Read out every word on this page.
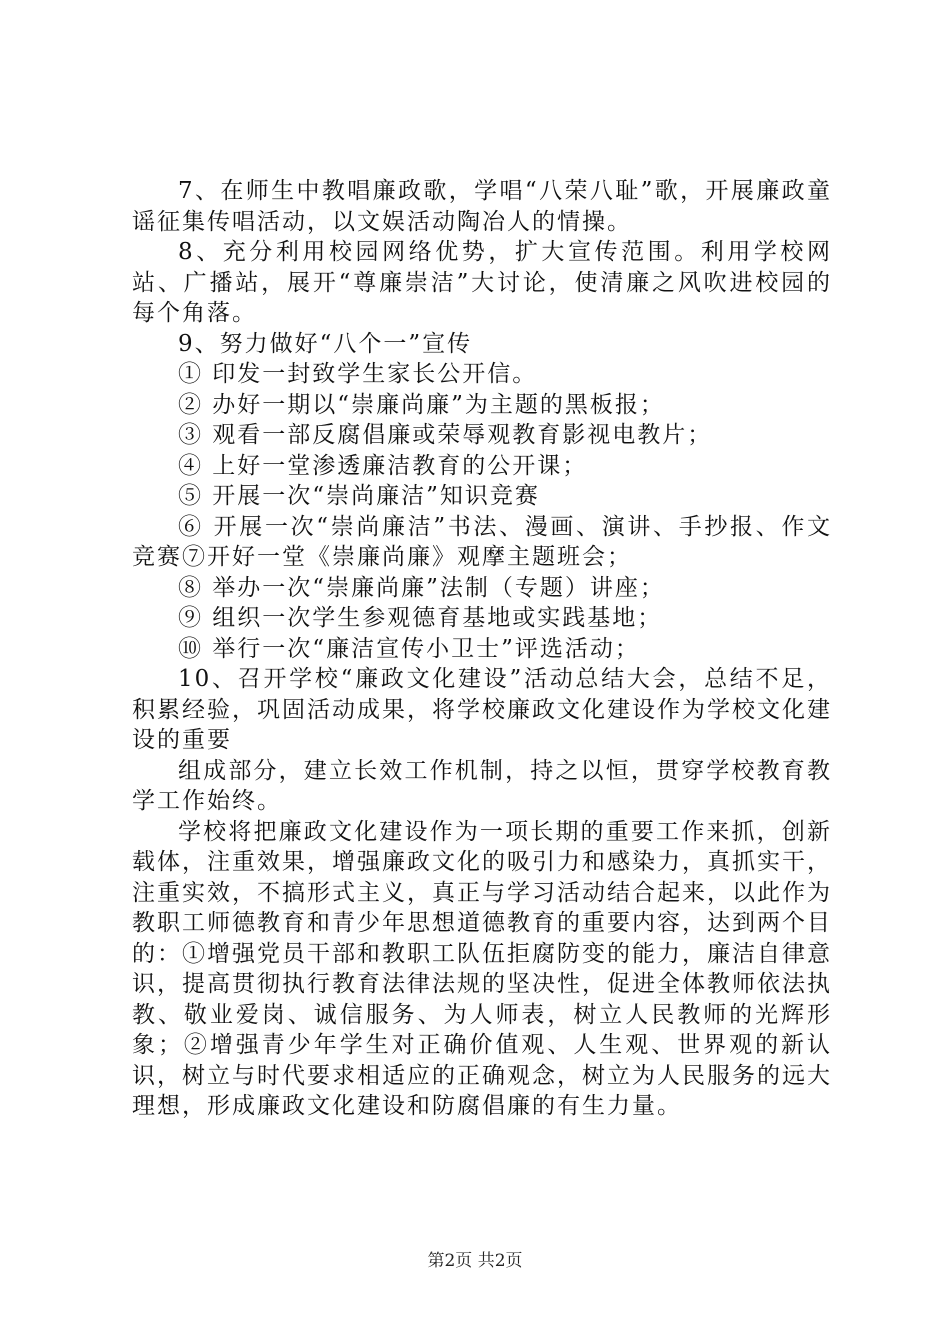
7、在师生中教唱廉政歌，学唱“八荣八耻”歌，开展廉政童谣征集传唱活动，以文娱活动陶冶人的情操。

8、充分利用校园网络优势，扩大宣传范围。利用学校网站、广播站，展开“尊廉崇洁”大讨论，使清廉之风吹进校园的每个角落。

9、努力做好“八个一”宣传

① 印发一封致学生家长公开信。

② 办好一期以“崇廉尚廉”为主题的黑板报；

③ 观看一部反腐倡廉或荣辱观教育影视电教片；

④ 上好一堂渗透廉洁教育的公开课；

⑤ 开展一次“崇尚廉洁”知识竞赛

⑥ 开展一次“崇尚廉洁”书法、漫画、演讲、手抄报、作文竞赛⑦开好一堂《崇廉尚廉》观摩主题班会；

⑧ 举办一次“崇廉尚廉”法制（专题）讲座；

⑨ 组织一次学生参观德育基地或实践基地；

⑩ 举行一次“廉洁宣传小卫士”评选活动；

10、召开学校“廉政文化建设”活动总结大会，总结不足，积累经验，巩固活动成果，将学校廉政文化建设作为学校文化建设的重要

组成部分，建立长效工作机制，持之以恒，贯穿学校教育教学工作始终。

学校将把廉政文化建设作为一项长期的重要工作来抓，创新载体，注重效果，增强廉政文化的吸引力和感染力，真抓实干，注重实效，不搞形式主义，真正与学习活动结合起来，以此作为教职工师德教育和青少年思想道德教育的重要内容，达到两个目的：①增强党员干部和教职工队伍拒腐防变的能力，廉洁自律意识，提高贯彻执行教育法律法规的坚决性，促进全体教师依法执教、敬业爱岗、诚信服务、为人师表，树立人民教师的光辉形象；②增强青少年学生对正确价值观、人生观、世界观的新认识，树立与时代要求相适应的正确观念，树立为人民服务的远大理想，形成廉政文化建设和防腐倡廉的有生力量。

第2页 共2页
